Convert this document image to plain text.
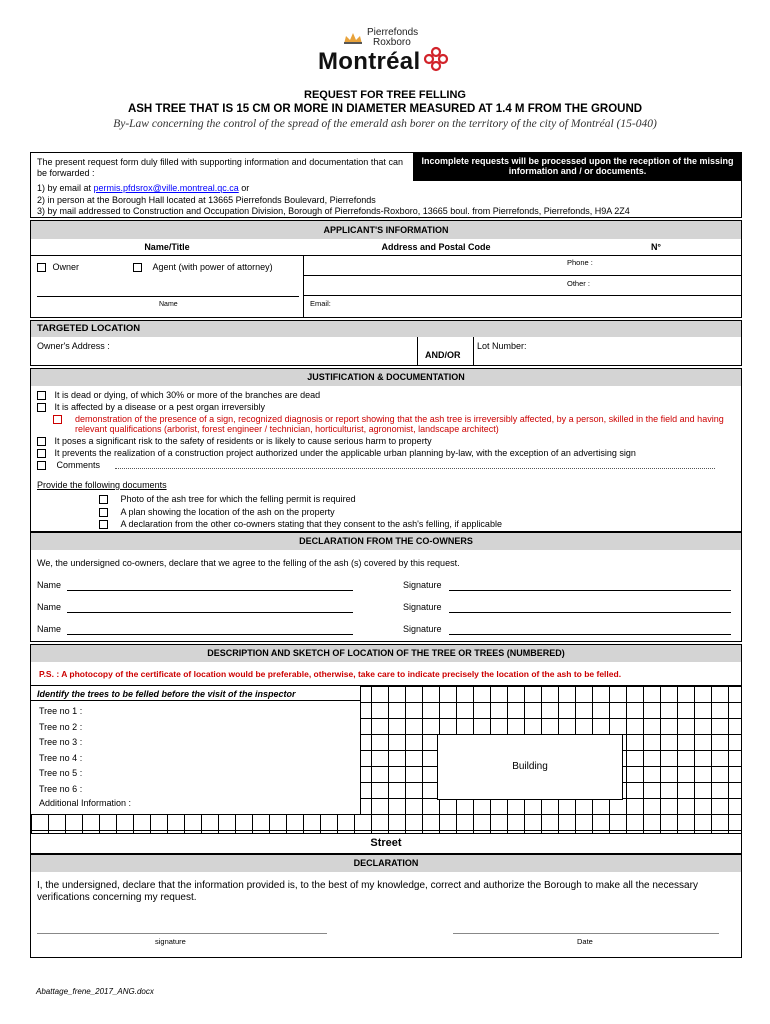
Pierrefonds
Roxboro
Montréal
REQUEST FOR TREE FELLING
ASH TREE THAT IS 15 CM OR MORE IN DIAMETER MEASURED AT 1.4 M FROM THE GROUND
By-Law concerning the control of the spread of the emerald ash borer on the territory of the city of Montréal (15-040)
The present request form duly filled with supporting information and documentation that can be forwarded :
Incomplete requests will be processed upon the reception of the missing information and / or documents.
1) by email at permis.pfdsrox@ville.montreal.qc.ca or
2) in person at the Borough Hall located at 13665 Pierrefonds Boulevard, Pierrefonds
3) by mail addressed to Construction and Occupation Division, Borough of Pierrefonds-Roxboro, 13665 boul. from Pierrefonds, Pierrefonds, H9A 2Z4
APPLICANT'S INFORMATION
Name/Title	Address and Postal Code	N°
Owner	Agent (with power of attorney)
Name
Phone :
Other :
Email:
TARGETED LOCATION
Owner's Address :
AND/OR
Lot Number:
JUSTIFICATION & DOCUMENTATION
It is dead or dying, of which 30% or more of the branches are dead
It is affected by a disease or a pest organ irreversibly
demonstration of the presence of a sign, recognized diagnosis or report showing that the ash tree is irreversibly affected, by a person, skilled in the field and having relevant qualifications (arborist, forest engineer / technician, horticulturist, agronomist, landscape architect)
It poses a significant risk to the safety of residents or is likely to cause serious harm to property
It prevents the realization of a construction project authorized under the applicable urban planning by-law, with the exception of an advertising sign
Comments
Provide the following documents
Photo of the ash tree for which the felling permit is required
A plan showing the location of the ash on the property
A declaration from the other co-owners stating that they consent to the ash's felling, if applicable
DECLARATION FROM THE CO-OWNERS
We, the undersigned co-owners, declare that we agree to the felling of the ash (s) covered by this request.
Name	Signature
Name	Signature
Name	Signature
DESCRIPTION AND SKETCH OF LOCATION OF THE TREE OR TREES (NUMBERED)
P.S. : A photocopy of the certificate of location would be preferable, otherwise, take care to indicate precisely the location of the ash to be felled.
Identify the trees to be felled before the visit of the inspector
Tree no 1 :
Tree no 2 :
Tree no 3 :
Tree no 4 :
Tree no 5 :
Tree no 6 :
Additional Information :
Building
Street
DECLARATION
I, the undersigned, declare that the information provided is, to the best of my knowledge, correct and authorize the Borough to make all the necessary verifications concerning my request.
signature	Date
Abattage_frene_2017_ANG.docx
